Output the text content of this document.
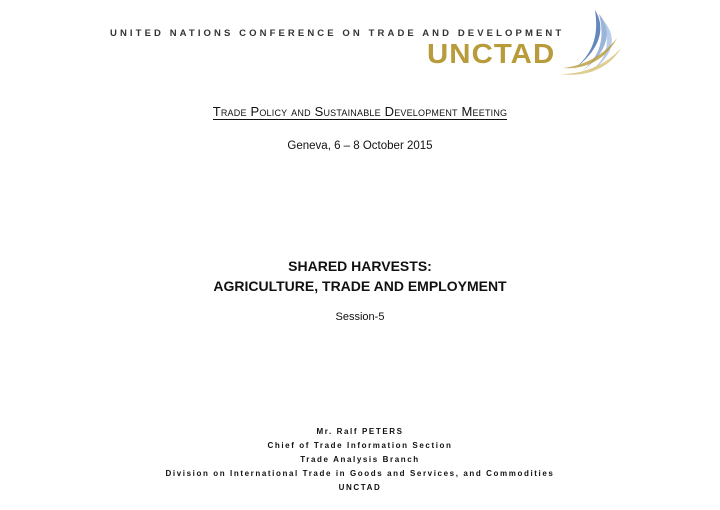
UNITED NATIONS CONFERENCE ON TRADE AND DEVELOPMENT
UNCTAD
Trade Policy and Sustainable Development Meeting
Geneva, 6 – 8 October 2015
SHARED HARVESTS:
AGRICULTURE, TRADE AND EMPLOYMENT
Session-5
Mr. Ralf PETERS
Chief of Trade Information Section
Trade Analysis Branch
Division on International Trade in Goods and Services, and Commodities
UNCTAD
